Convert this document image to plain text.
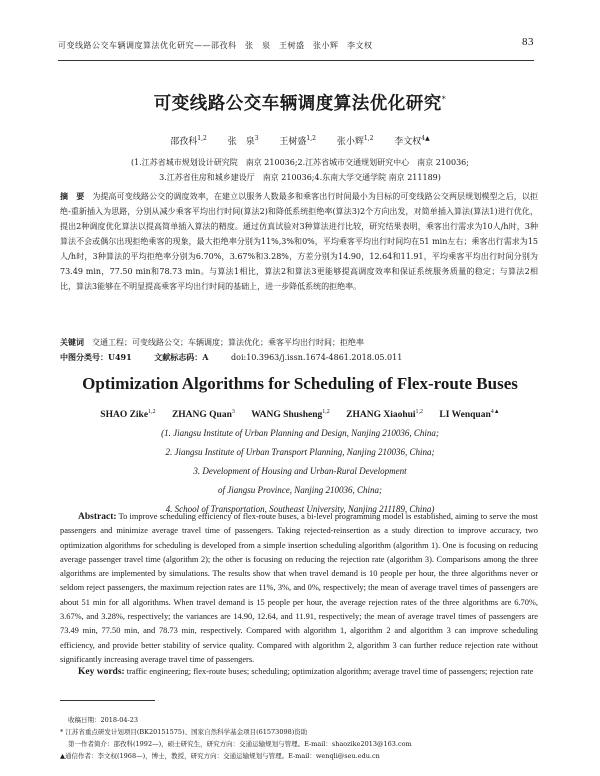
可变线路公交车辆调度算法优化研究——邵孜科　张　泉　王树盛　张小辉　李文权	83
可变线路公交车辆调度算法优化研究*
邵孜科$^{1,2}$ 张　泉$^3$ 王树盛$^{1,2}$ 张小辉$^{1,2}$ 李文权$^{4▲}$
(1.江苏省城市规划设计研究院　南京 210036;2.江苏省城市交通规划研究中心　南京 210036;
3.江苏省住房和城乡建设厅　南京 210036;4.东南大学交通学院 南京 211189)
摘　要 为提高可变线路公交的调度效率，在建立以服务人数最多和乘客出行时间最小为目标的可变线路公交两层规划模型之后，以拒绝-重新插入为思路，分别从减少乘客平均出行时间(算法2)和降低系统拒绝率(算法3)2个方向出发，对简单插入算法(算法1)进行优化，提出2种调度优化算法以提高简单插入算法的精度。通过仿真试验对3种算法进行比较，研究结果表明，乘客出行需求为10人/h时，3种算法不会或偶尔出现拒绝乘客的现象，最大拒绝率分别为11%,3%和0%，平均乘客平均出行时间均在51 min左右；乘客出行需求为15人/h时，3种算法的平均拒绝率分别为6.70%，3.67%和3.28%，方差分别为14.90，12.64和11.91，平均乘客平均出行时间分别为73.49 min，77.50 min和78.73 min。与算法1相比，算法2和算法3更能够提高调度效率和保证系统服务质量的稳定；与算法2相比，算法3能够在不明显提高乘客平均出行时间的基础上，进一步降低系统的拒绝率。
关键词 交通工程；可变线路公交；车辆调度；算法优化；乘客平均出行时间；拒绝率
中图分类号：U491	文献标志码：A	doi:10.3963/j.issn.1674-4861.2018.05.011
Optimization Algorithms for Scheduling of Flex-route Buses
SHAO Zike$^{1,2}$ ZHANG Quan$^3$ WANG Shusheng$^{1,2}$ ZHANG Xiaohui$^{1,2}$ LI Wenquan$^{4▲}$
(1. Jiangsu Institute of Urban Planning and Design, Nanjing 210036, China;
2. Jiangsu Institute of Urban Transport Planning, Nanjing 210036, China;
3. Development of Housing and Urban-Rural Development
of Jiangsu Province, Nanjing 210036, China;
4. School of Transportation, Southeast University, Nanjing 211189, China)
Abstract: To improve scheduling efficiency of flex-route buses, a bi-level programming model is established, aiming to serve the most passengers and minimize average travel time of passengers. Taking rejected-reinsertion as a study direction to improve accuracy, two optimization algorithms for scheduling is developed from a simple insertion scheduling algorithm (algorithm 1). One is focusing on reducing average passenger travel time (algorithm 2); the other is focusing on reducing the rejection rate (algorithm 3). Comparisons among the three algorithms are implemented by simulations. The results show that when travel demand is 10 people per hour, the three algorithms never or seldom reject passengers, the maximum rejection rates are 11%, 3%, and 0%, respectively; the mean of average travel times of passengers are about 51 min for all algorithms. When travel demand is 15 people per hour, the average rejection rates of the three algorithms are 6.70%, 3.67%, and 3.28%, respectively; the variances are 14.90, 12.64, and 11.91, respectively; the mean of average travel times of passengers are 73.49 min, 77.50 min, and 78.73 min, respectively. Compared with algorithm 1, algorithm 2 and algorithm 3 can improve scheduling efficiency, and provide better stability of service quality. Compared with algorithm 2, algorithm 3 can further reduce rejection rate without significantly increasing average travel time of passengers.
Key words: traffic engineering; flex-route buses; scheduling; optimization algorithm; average travel time of passengers; rejection rate
收稿日期：2018-04-23
* 江苏省重点研发计划项目(BK20151575)、国家自然科学基金项目(61573098)资助
第一作者简介：邵孜科(1992—)，硕士研究生，研究方向：交通运输规划与管理。E-mail：shaozike2013@163.com
▲通信作者：李文权(1968—)，博士，教授，研究方向：交通运输规划与管理。E-mail：wenqli@seu.edu.cn
